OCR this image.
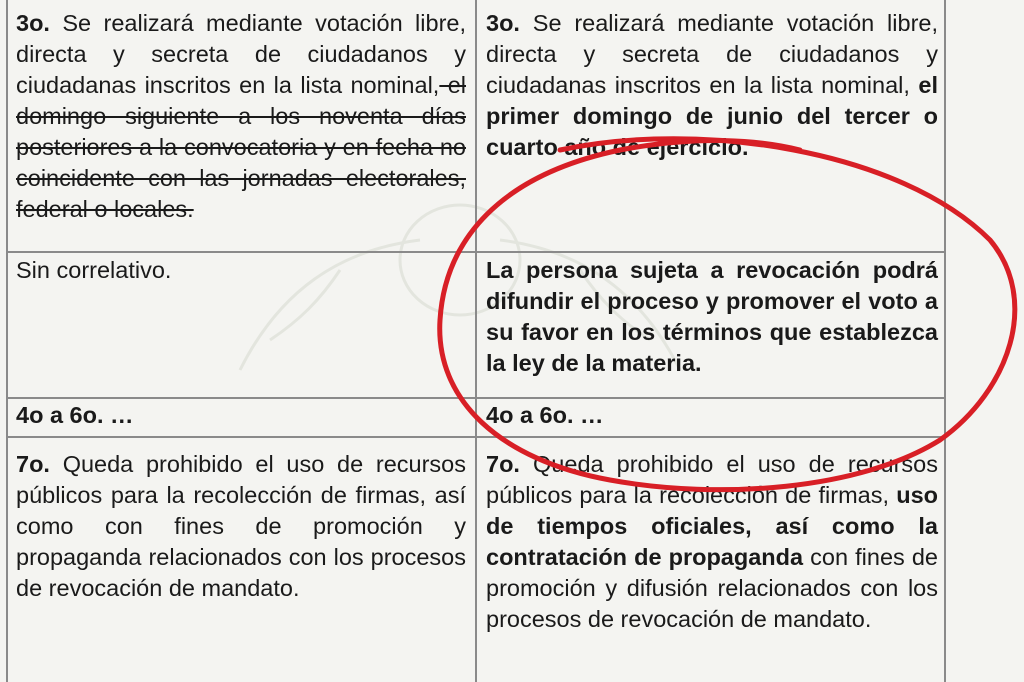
3o. Se realizará mediante votación libre, directa y secreta de ciudadanos y ciudadanas inscritos en la lista nominal, el domingo siguiente a los noventa días posteriores a la convocatoria y en fecha no coincidente con las jornadas electorales, federal o locales.

3o. Se realizará mediante votación libre, directa y secreta de ciudadanos y ciudadanas inscritos en la lista nominal, el primer domingo de junio del tercer o cuarto año de ejercicio.

Sin correlativo.	La persona sujeta a revocación podrá difundir el proceso y promover el voto a su favor en los términos que establezca la ley de la materia.

4o a 6o. …	4o a 6o. …

7o. Queda prohibido el uso de recursos públicos para la recolección de firmas, así como con fines de promoción y propaganda relacionados con los procesos de revocación de mandato.

7o. Queda prohibido el uso de recursos públicos para la recolección de firmas, uso de tiempos oficiales, así como la contratación de propaganda con fines de promoción y difusión relacionados con los procesos de revocación de mandato.
